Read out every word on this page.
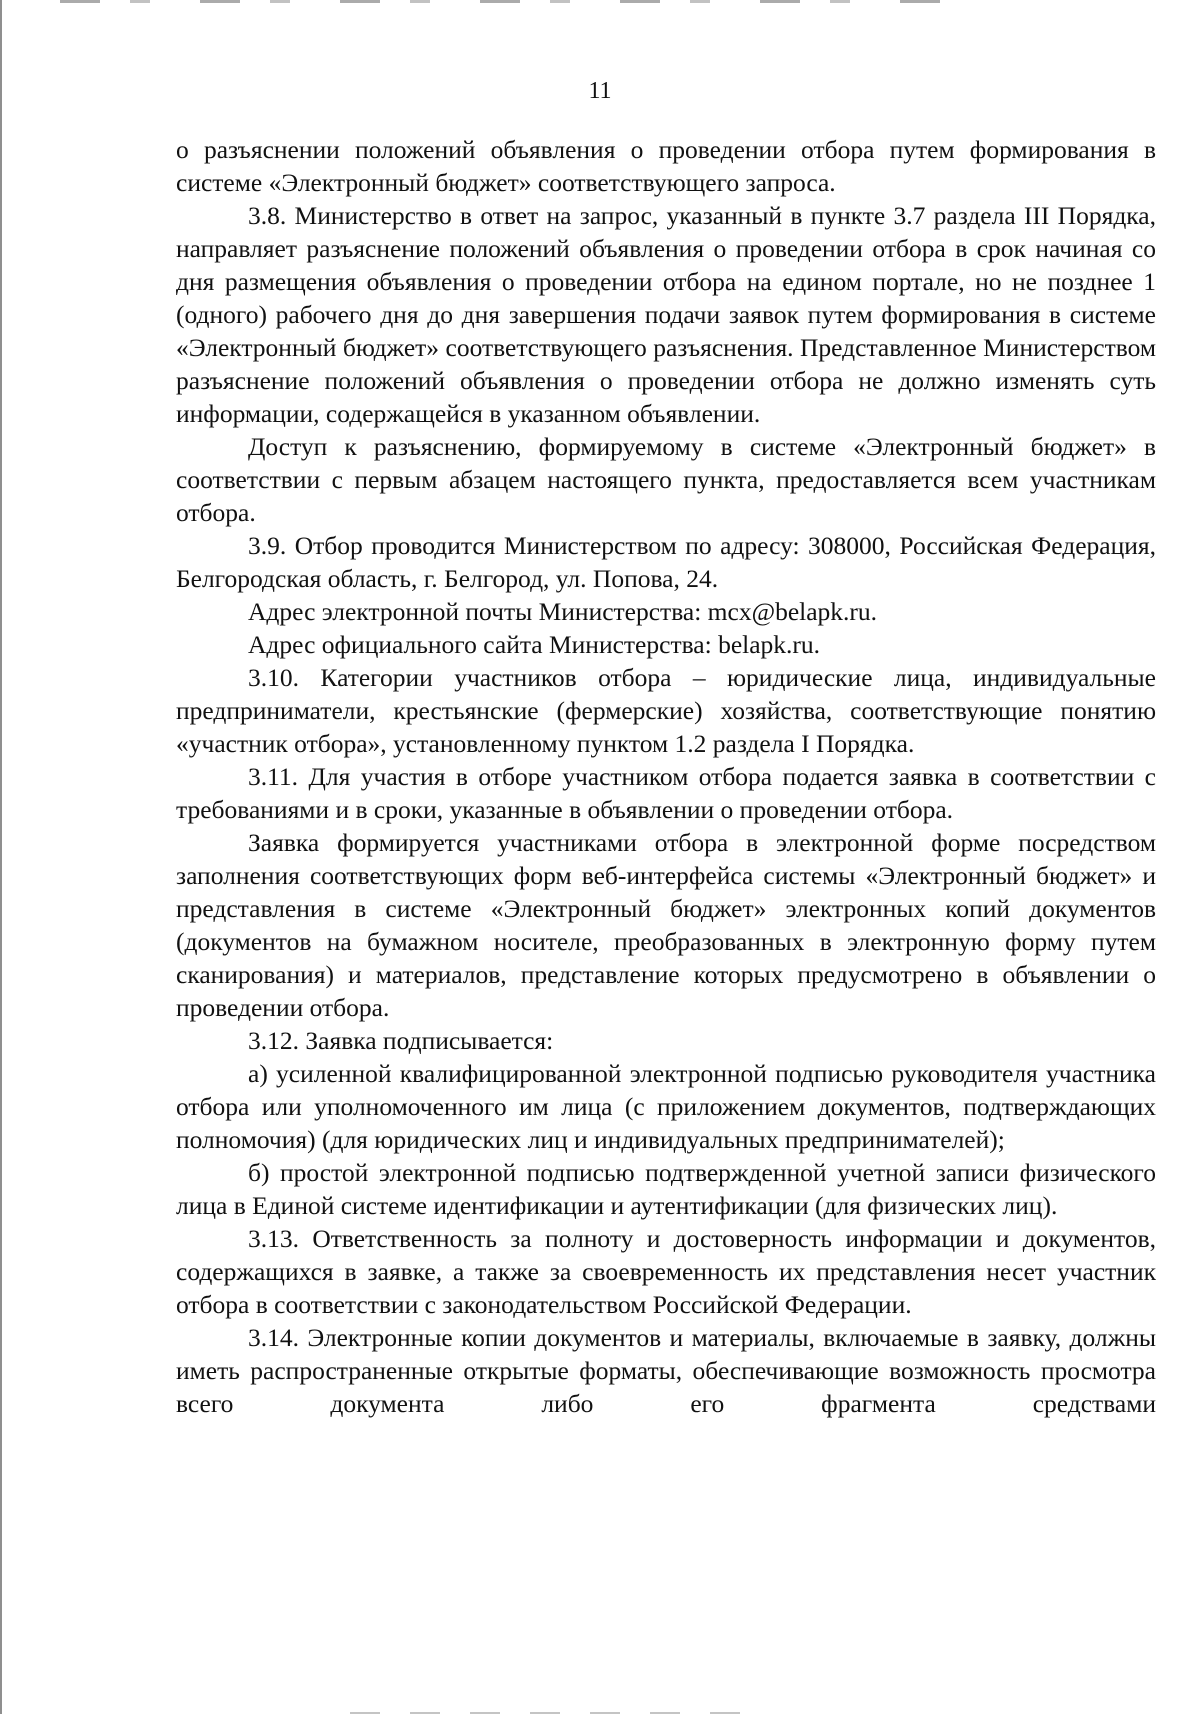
11

о разъяснении положений объявления о проведении отбора путем формирования в системе «Электронный бюджет» соответствующего запроса.

3.8. Министерство в ответ на запрос, указанный в пункте 3.7 раздела III Порядка, направляет разъяснение положений объявления о проведении отбора в срок начиная со дня размещения объявления о проведении отбора на едином портале, но не позднее 1 (одного) рабочего дня до дня завершения подачи заявок путем формирования в системе «Электронный бюджет» соответствующего разъяснения. Представленное Министерством разъяснение положений объявления о проведении отбора не должно изменять суть информации, содержащейся в указанном объявлении.

Доступ к разъяснению, формируемому в системе «Электронный бюджет» в соответствии с первым абзацем настоящего пункта, предоставляется всем участникам отбора.

3.9. Отбор проводится Министерством по адресу: 308000, Российская Федерация, Белгородская область, г. Белгород, ул. Попова, 24.

Адрес электронной почты Министерства: mcx@belapk.ru.

Адрес официального сайта Министерства: belapk.ru.

3.10. Категории участников отбора – юридические лица, индивидуальные предприниматели, крестьянские (фермерские) хозяйства, соответствующие понятию «участник отбора», установленному пунктом 1.2 раздела I Порядка.

3.11. Для участия в отборе участником отбора подается заявка в соответствии с требованиями и в сроки, указанные в объявлении о проведении отбора.

Заявка формируется участниками отбора в электронной форме посредством заполнения соответствующих форм веб-интерфейса системы «Электронный бюджет» и представления в системе «Электронный бюджет» электронных копий документов (документов на бумажном носителе, преобразованных в электронную форму путем сканирования) и материалов, представление которых предусмотрено в объявлении о проведении отбора.

3.12. Заявка подписывается:

а) усиленной квалифицированной электронной подписью руководителя участника отбора или уполномоченного им лица (с приложением документов, подтверждающих полномочия) (для юридических лиц и индивидуальных предпринимателей);

б) простой электронной подписью подтвержденной учетной записи физического лица в Единой системе идентификации и аутентификации (для физических лиц).

3.13. Ответственность за полноту и достоверность информации и документов, содержащихся в заявке, а также за своевременность их представления несет участник отбора в соответствии с законодательством Российской Федерации.

3.14. Электронные копии документов и материалы, включаемые в заявку, должны иметь распространенные открытые форматы, обеспечивающие возможность просмотра всего документа либо его фрагмента средствами
